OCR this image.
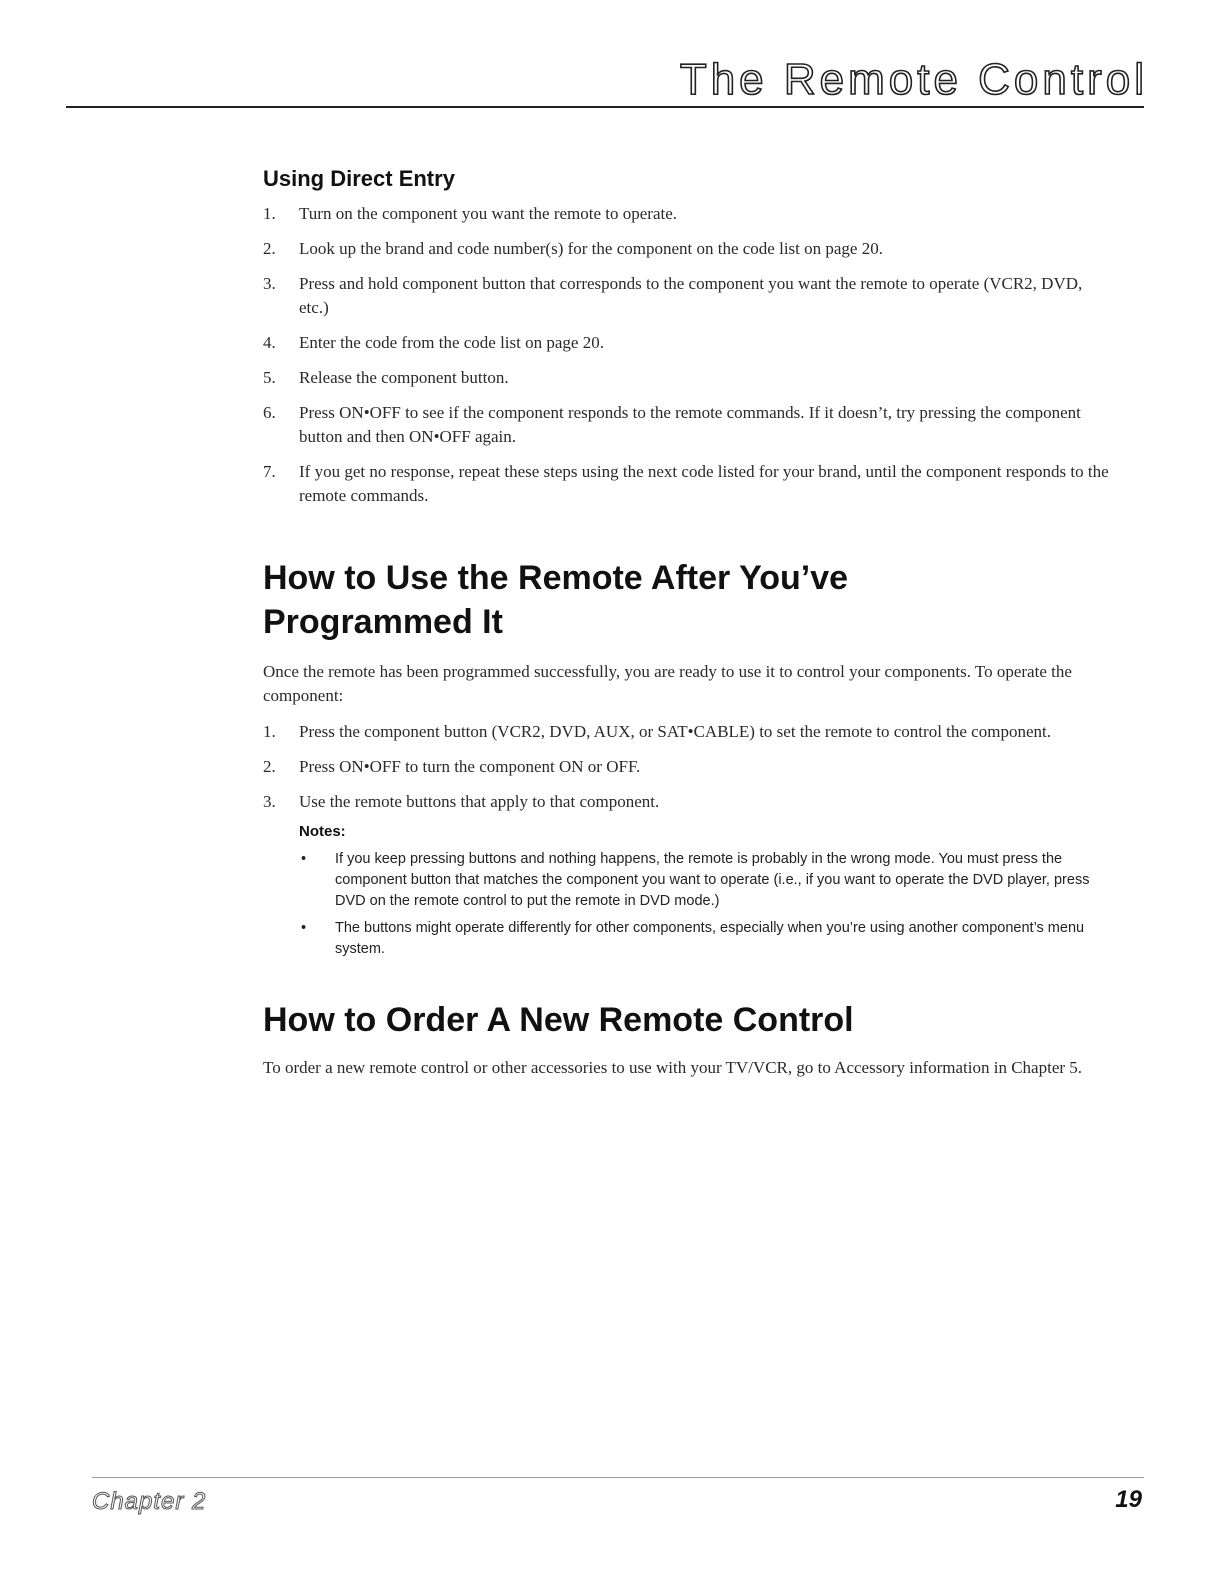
The Remote Control
Using Direct Entry
1. Turn on the component you want the remote to operate.
2. Look up the brand and code number(s) for the component on the code list on page 20.
3. Press and hold component button that corresponds to the component you want the remote to operate (VCR2, DVD, etc.)
4. Enter the code from the code list on page 20.
5. Release the component button.
6. Press ON•OFF to see if the component responds to the remote commands. If it doesn’t, try pressing the component button and then ON•OFF again.
7. If you get no response, repeat these steps using the next code listed for your brand, until the component responds to the remote commands.
How to Use the Remote After You’ve Programmed It

Once the remote has been programmed successfully, you are ready to use it to control your components. To operate the component:

1. Press the component button (VCR2, DVD, AUX, or SAT•CABLE) to set the remote to control the component.
2. Press ON•OFF to turn the component ON or OFF.
3. Use the remote buttons that apply to that component.
Notes:
• If you keep pressing buttons and nothing happens, the remote is probably in the wrong mode. You must press the component button that matches the component you want to operate (i.e., if you want to operate the DVD player, press DVD on the remote control to put the remote in DVD mode.)
• The buttons might operate differently for other components, especially when you’re using another component’s menu system.
How to Order A New Remote Control

To order a new remote control or other accessories to use with your TV/VCR, go to Accessory information in Chapter 5.

Chapter 2	19
